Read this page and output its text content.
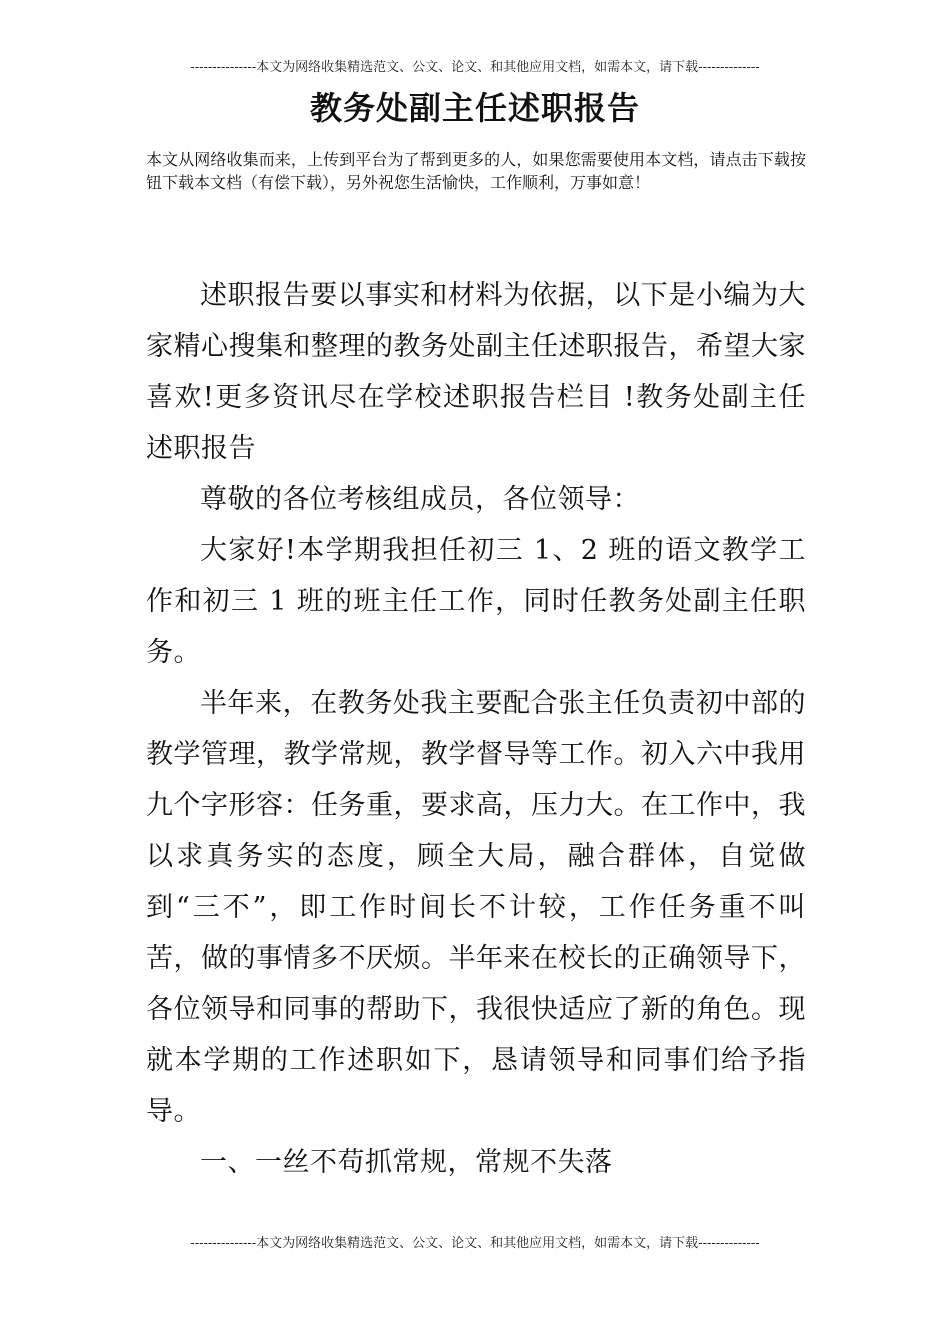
---------------本文为网络收集精选范文、公文、论文、和其他应用文档，如需本文，请下载--------------
教务处副主任述职报告
本文从网络收集而来，上传到平台为了帮到更多的人，如果您需要使用本文档，请点击下载按钮下载本文档（有偿下载），另外祝您生活愉快，工作顺利，万事如意！

述职报告要以事实和材料为依据，以下是小编为大家精心搜集和整理的教务处副主任述职报告，希望大家喜欢!更多资讯尽在学校述职报告栏目 !教务处副主任述职报告

尊敬的各位考核组成员，各位领导：

大家好!本学期我担任初三 1、2 班的语文教学工作和初三 1 班的班主任工作，同时任教务处副主任职务。

半年来，在教务处我主要配合张主任负责初中部的教学管理，教学常规，教学督导等工作。初入六中我用九个字形容：任务重，要求高，压力大。在工作中，我以求真务实的态度，顾全大局，融合群体，自觉做到“三不”，即工作时间长不计较，工作任务重不叫苦，做的事情多不厌烦。半年来在校长的正确领导下，各位领导和同事的帮助下，我很快适应了新的角色。现就本学期的工作述职如下，恳请领导和同事们给予指导。

一、一丝不苟抓常规，常规不失落

---------------本文为网络收集精选范文、公文、论文、和其他应用文档，如需本文，请下载--------------
